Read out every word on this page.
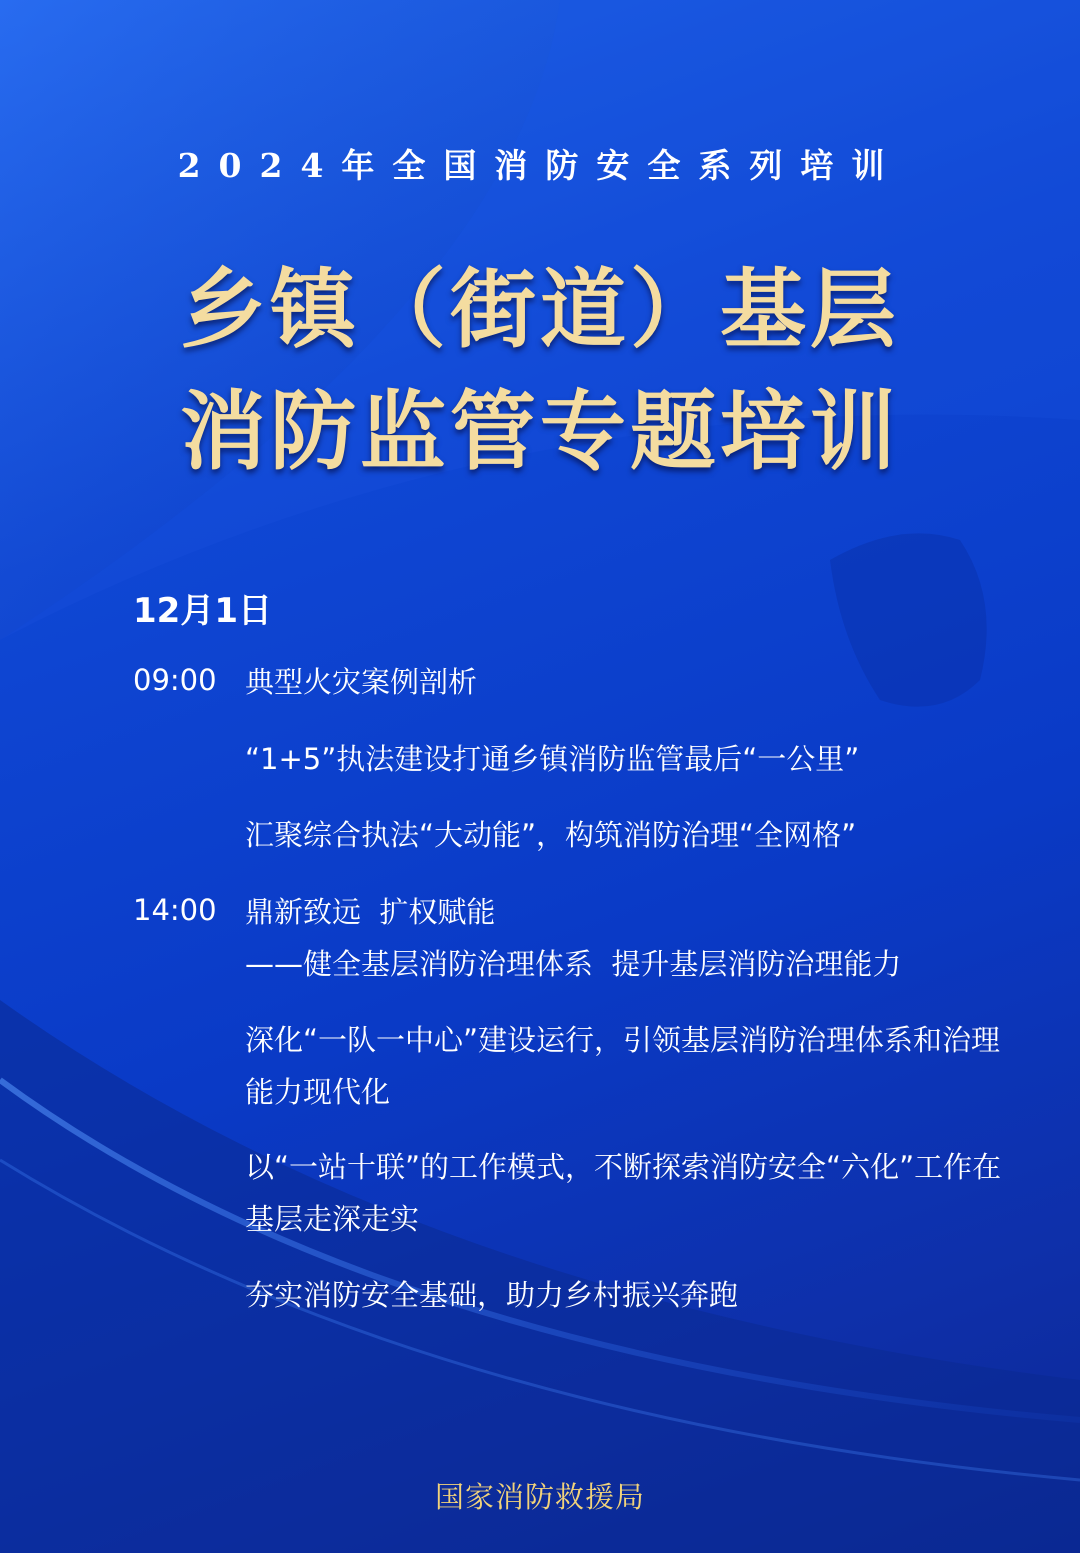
2024年全国消防安全系列培训
乡镇（街道）基层
消防监管专题培训
12月1日
09:00 典型火灾案例剖析
“1+5”执法建设打通乡镇消防监管最后“一公里”
汇聚综合执法“大动能”，构筑消防治理“全网格”
14:00 鼎新致远  扩权赋能
——健全基层消防治理体系  提升基层消防治理能力
深化“一队一中心”建设运行，引领基层消防治理体系和治理能力现代化
以“一站十联”的工作模式，不断探索消防安全“六化”工作在基层走深走实
夯实消防安全基础，助力乡村振兴奔跑
国家消防救援局
